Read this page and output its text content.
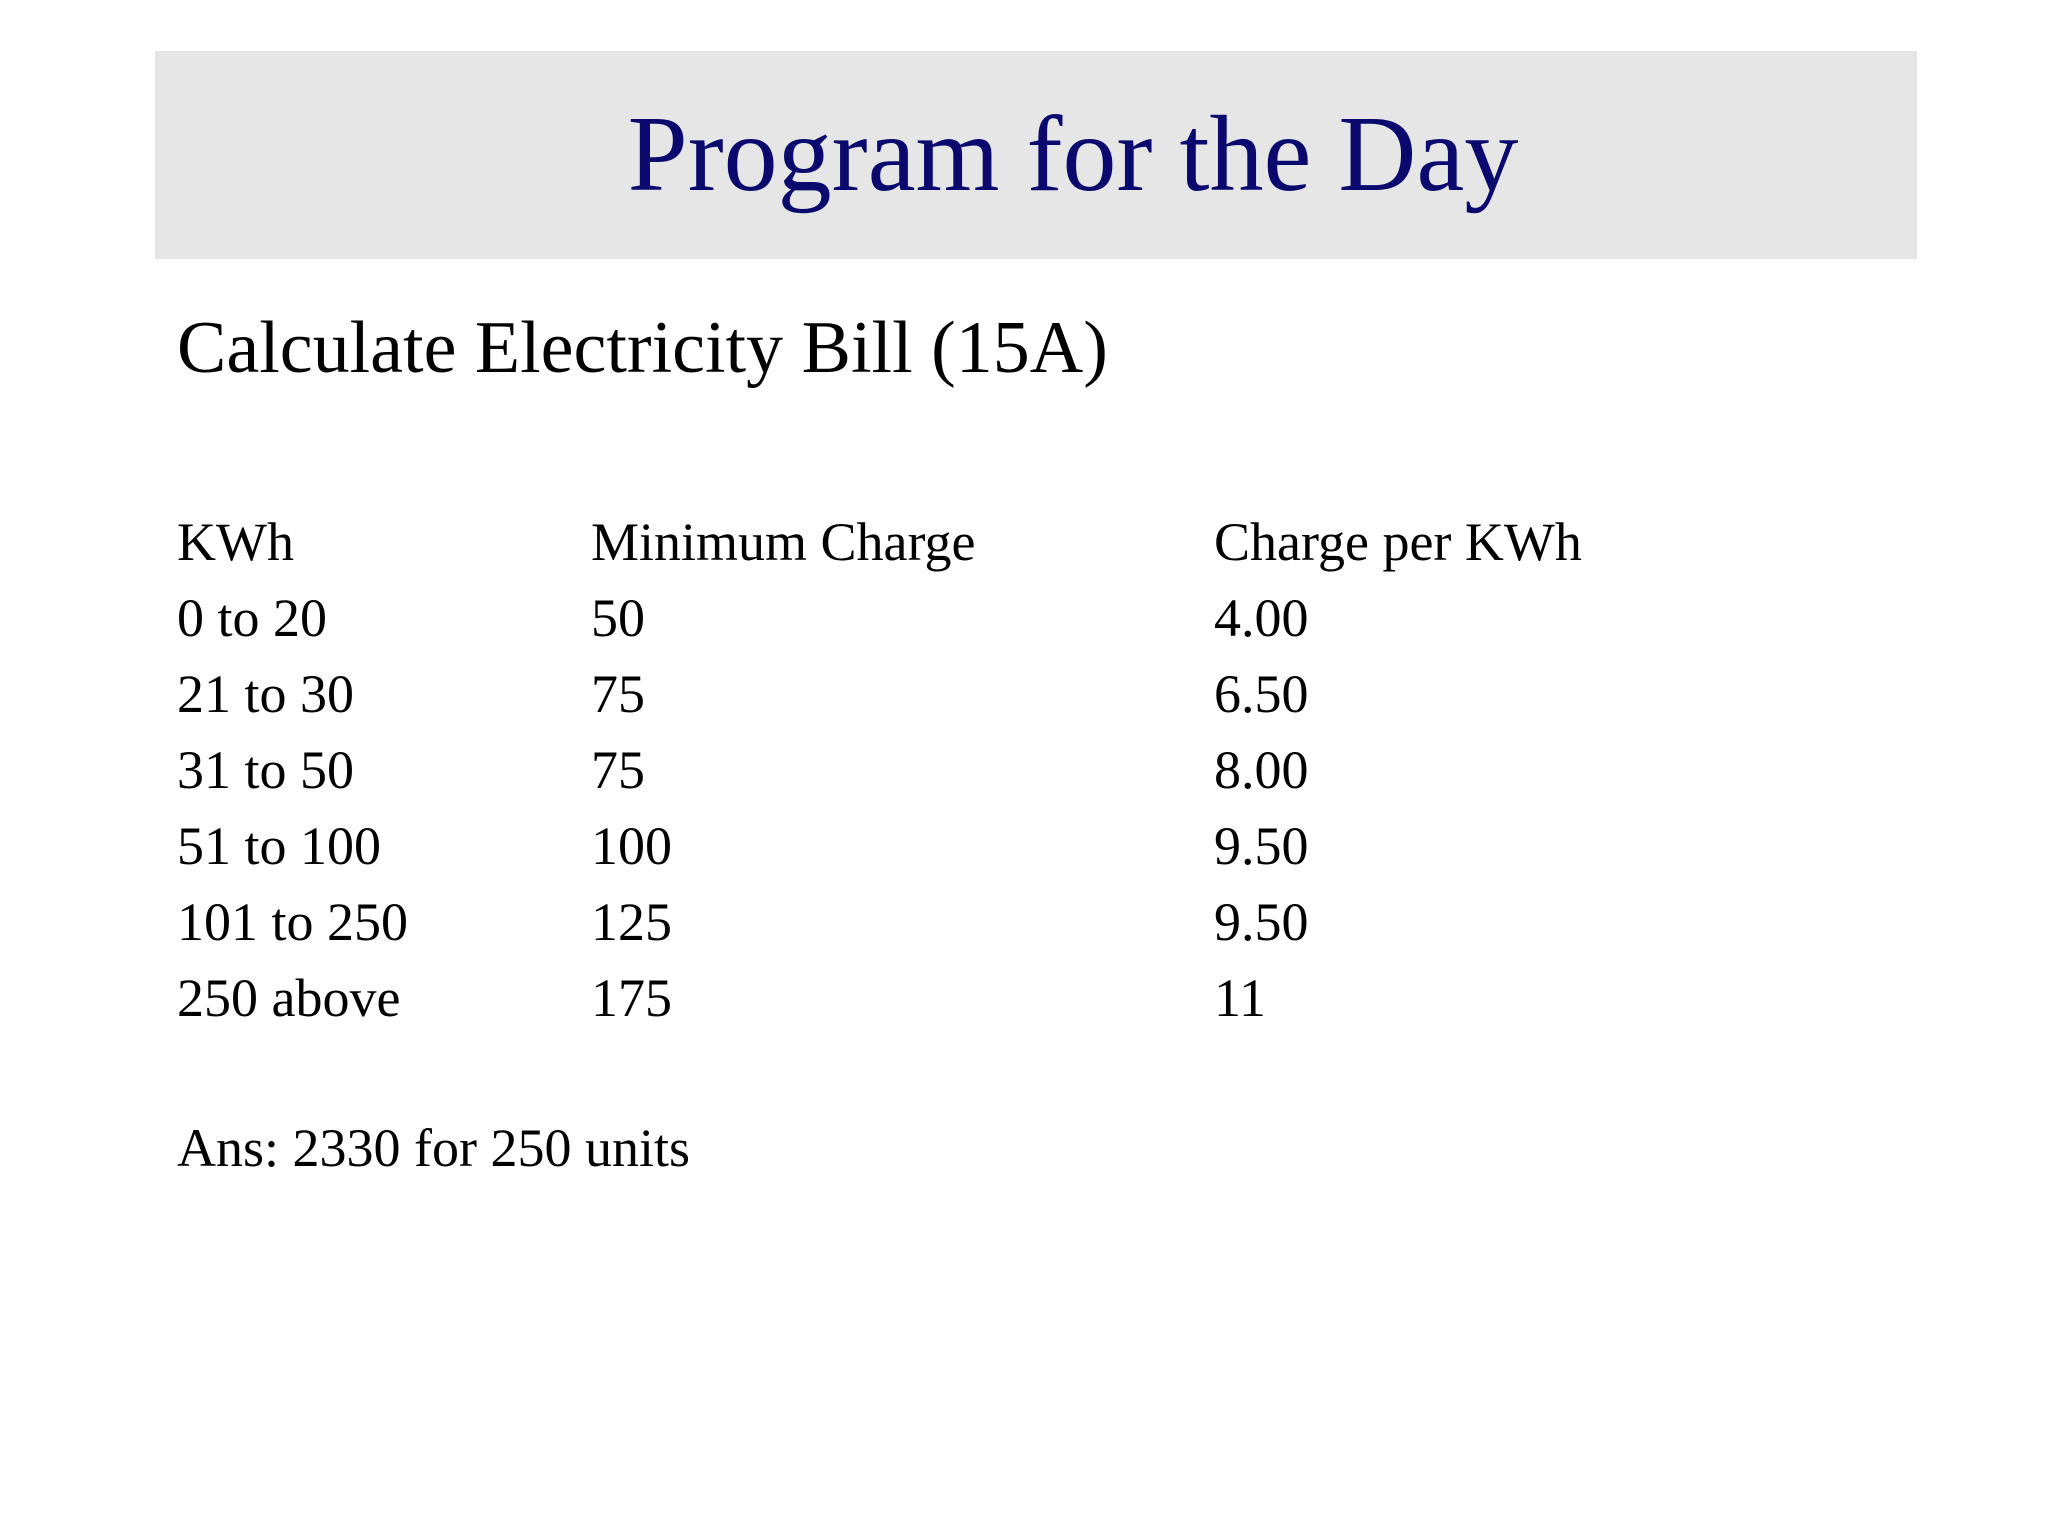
Program for the Day
Calculate Electricity Bill (15A)
KWh	Minimum Charge	Charge per KWh
0 to 20	50	4.00
21 to 30	75	6.50
31 to 50	75	8.00
51 to 100	100	9.50
101 to 250	125	9.50
250 above	175	11
Ans: 2330 for 250 units
